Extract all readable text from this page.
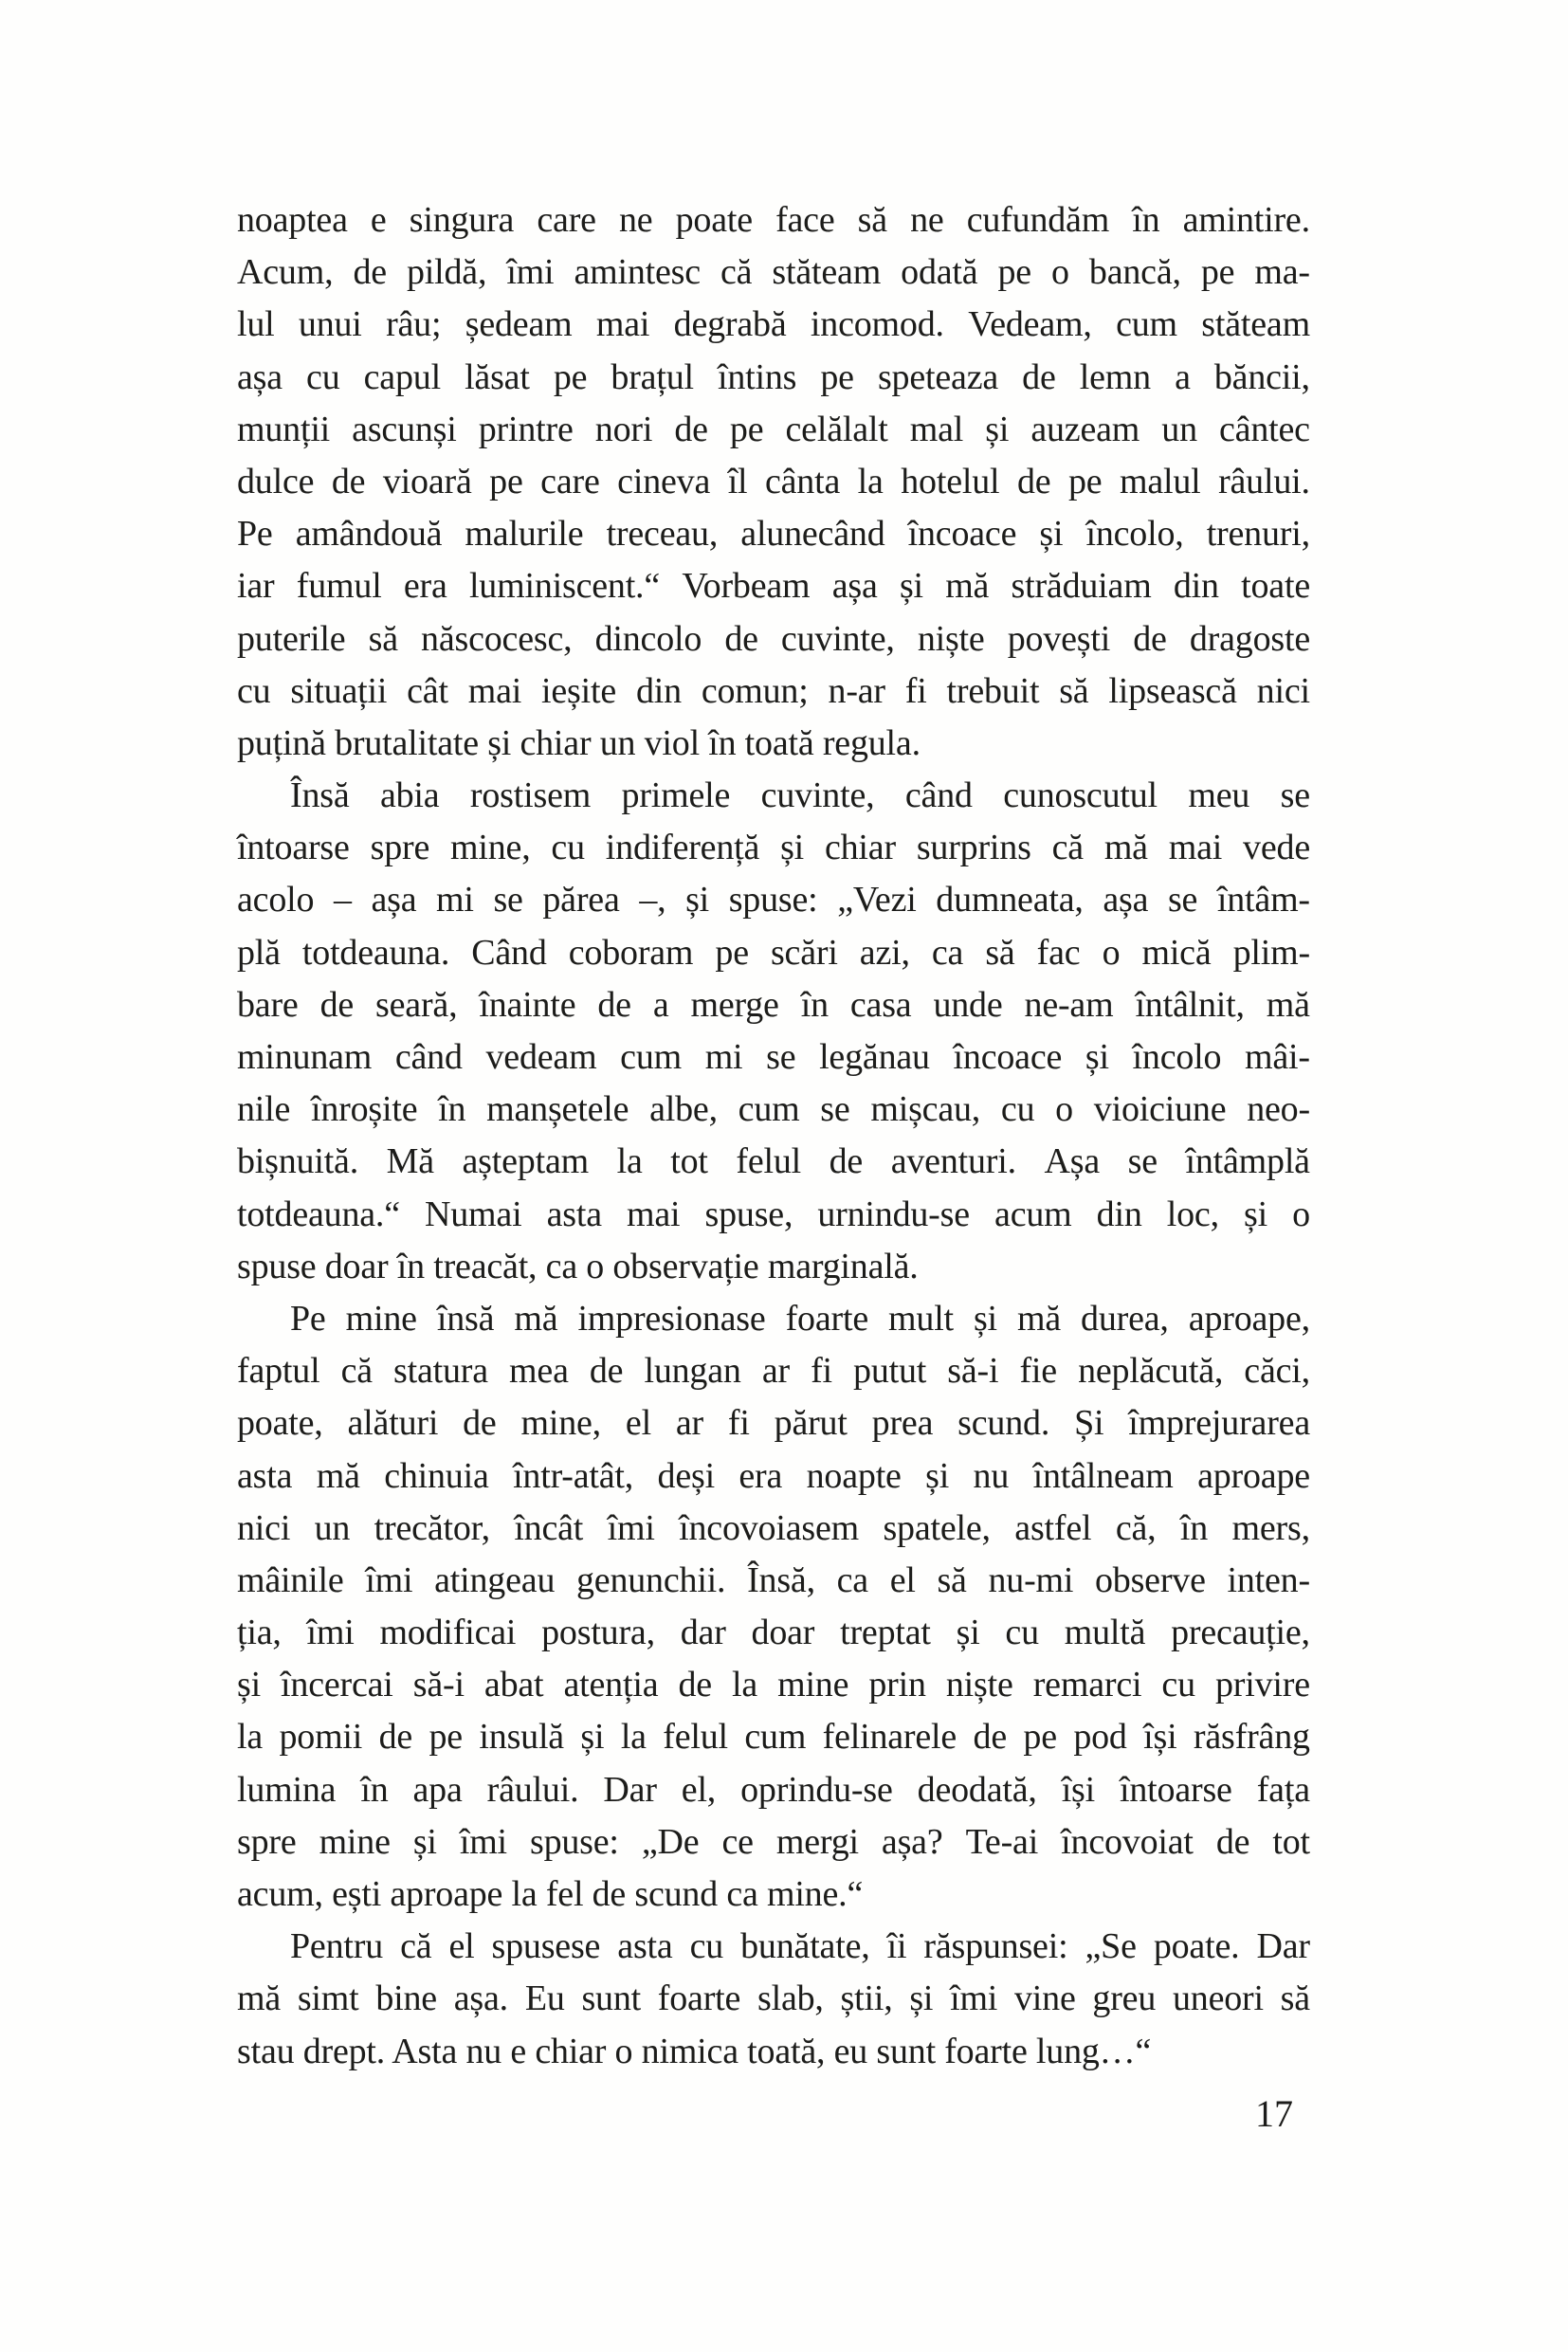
noaptea e singura care ne poate face să ne cufundăm în amintire.
Acum, de pildă, îmi amintesc că stăteam odată pe o bancă, pe ma-
lul unui râu; ședeam mai degrabă incomod. Vedeam, cum stăteam
așa cu capul lăsat pe brațul întins pe speteaza de lemn a băncii,
munții ascunși printre nori de pe celălalt mal și auzeam un cântec
dulce de vioară pe care cineva îl cânta la hotelul de pe malul râului.
Pe amândouă malurile treceau, alunecând încoace și încolo, trenuri,
iar fumul era luminiscent.“ Vorbeam așa și mă străduiam din toate
puterile să născocesc, dincolo de cuvinte, niște povești de dragoste
cu situații cât mai ieșite din comun; n-ar fi trebuit să lipsească nici
puțină brutalitate și chiar un viol în toată regula.
Însă abia rostisem primele cuvinte, când cunoscutul meu se
întoarse spre mine, cu indiferență și chiar surprins că mă mai vede
acolo – așa mi se părea –, și spuse: „Vezi dumneata, așa se întâm-
plă totdeauna. Când coboram pe scări azi, ca să fac o mică plim-
bare de seară, înainte de a merge în casa unde ne-am întâlnit, mă
minunam când vedeam cum mi se legănau încoace și încolo mâi-
nile înroșite în manșetele albe, cum se mișcau, cu o vioiciune neo-
bișnuită. Mă așteptam la tot felul de aventuri. Așa se întâmplă
totdeauna.“ Numai asta mai spuse, urnindu-se acum din loc, și o
spuse doar în treacăt, ca o observație marginală.
Pe mine însă mă impresionase foarte mult și mă durea, aproape,
faptul că statura mea de lungan ar fi putut să-i fie neplăcută, căci,
poate, alături de mine, el ar fi părut prea scund. Și împrejurarea
asta mă chinuia într-atât, deși era noapte și nu întâlneam aproape
nici un trecător, încât îmi încovoiasem spatele, astfel că, în mers,
mâinile îmi atingeau genunchii. Însă, ca el să nu-mi observe inten-
ția, îmi modificai postura, dar doar treptat și cu multă precauție,
și încercai să-i abat atenția de la mine prin niște remarci cu privire
la pomii de pe insulă și la felul cum felinarele de pe pod își răsfrâng
lumina în apa râului. Dar el, oprindu-se deodată, își întoarse fața
spre mine și îmi spuse: „De ce mergi așa? Te-ai încovoiat de tot
acum, ești aproape la fel de scund ca mine.“
Pentru că el spusese asta cu bunătate, îi răspunsei: „Se poate. Dar
mă simt bine așa. Eu sunt foarte slab, știi, și îmi vine greu uneori să
stau drept. Asta nu e chiar o nimica toată, eu sunt foarte lung…“
17
